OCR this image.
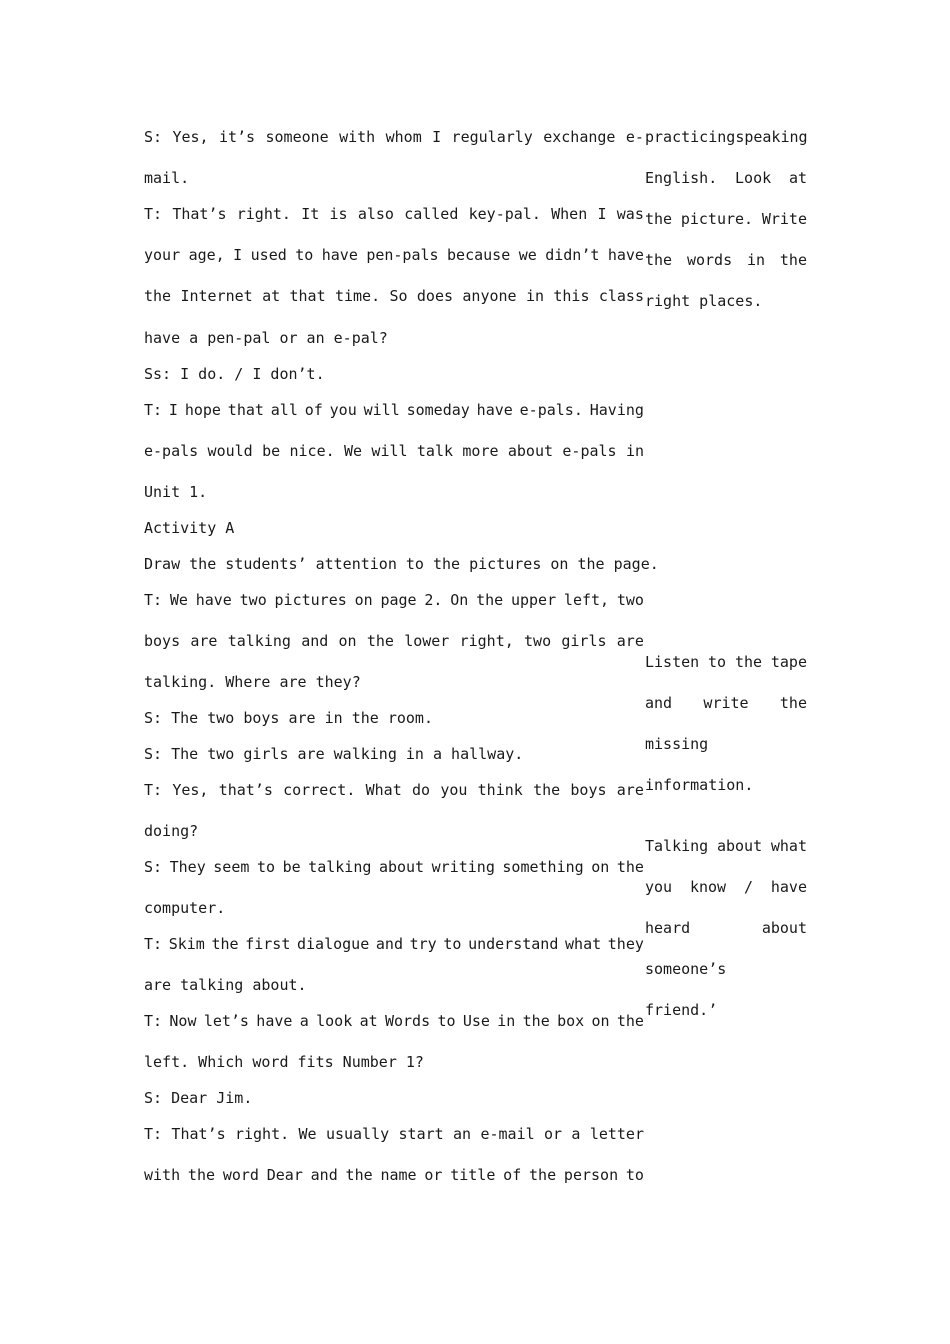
S: Yes, it’s someone with whom I regularly exchange e-
mail.
T: That’s right. It is also called key-pal. When I was
your age, I used to have pen-pals because we didn’t have
the Internet at that time. So does anyone in this class
have a pen-pal or an e-pal?
Ss: I do. / I don’t.
T: I hope that all of you will someday have e-pals. Having
e-pals would be nice. We will talk more about e-pals in
Unit 1.
Activity A
Draw the students’ attention to the pictures on the page.
T: We have two pictures on page 2. On the upper left, two
boys are talking and on the lower right, two girls are
talking. Where are they?
S: The two boys are in the room.
S: The two girls are walking in a hallway.
T: Yes, that’s correct. What do you think the boys are
doing?
S: They seem to be talking about writing something on the
computer.
T: Skim the first dialogue and try to understand what they
are talking about.
T: Now let’s have a look at Words to Use in the box on the
left. Which word fits Number 1?
S: Dear Jim.
T: That’s right. We usually start an e-mail or a letter
with the word Dear and the name or title of the person to
practicing speaking
English. Look at
the picture. Write
the words in the
right places.
Listen to the tape
and write the
missing
information.
Talking about what
you know / have
heard	about
someone’s
friend.’
